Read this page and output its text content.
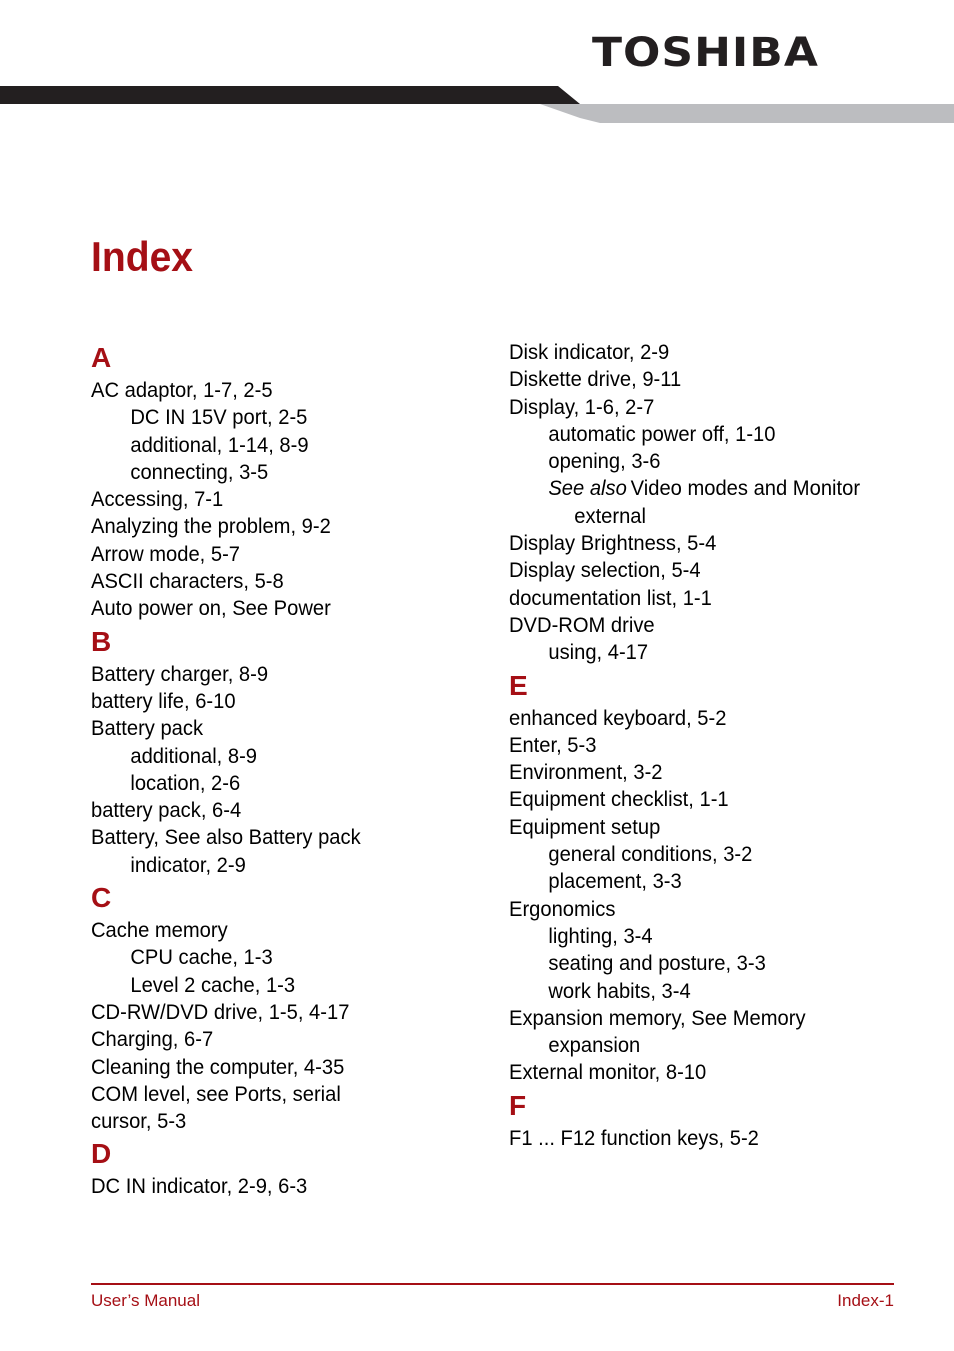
TOSHIBA
Index
A
AC adaptor, 1-7, 2-5
DC IN 15V port, 2-5
additional, 1-14, 8-9
connecting, 3-5
Accessing, 7-1
Analyzing the problem, 9-2
Arrow mode, 5-7
ASCII characters, 5-8
Auto power on, See Power
B
Battery charger, 8-9
battery life, 6-10
Battery pack
additional, 8-9
location, 2-6
battery pack, 6-4
Battery, See also Battery pack
indicator, 2-9
C
Cache memory
CPU cache, 1-3
Level 2 cache, 1-3
CD-RW/DVD drive, 1-5, 4-17
Charging, 6-7
Cleaning the computer, 4-35
COM level, see Ports, serial
cursor, 5-3
D
DC IN indicator, 2-9, 6-3
Disk indicator, 2-9
Diskette drive, 9-11
Display, 1-6, 2-7
automatic power off, 1-10
opening, 3-6
See also Video modes and Monitor
external
Display Brightness, 5-4
Display selection, 5-4
documentation list, 1-1
DVD-ROM drive
using, 4-17
E
enhanced keyboard, 5-2
Enter, 5-3
Environment, 3-2
Equipment checklist, 1-1
Equipment setup
general conditions, 3-2
placement, 3-3
Ergonomics
lighting, 3-4
seating and posture, 3-3
work habits, 3-4
Expansion memory, See Memory
expansion
External monitor, 8-10
F
F1 ... F12 function keys, 5-2
User’s Manual	Index-1
